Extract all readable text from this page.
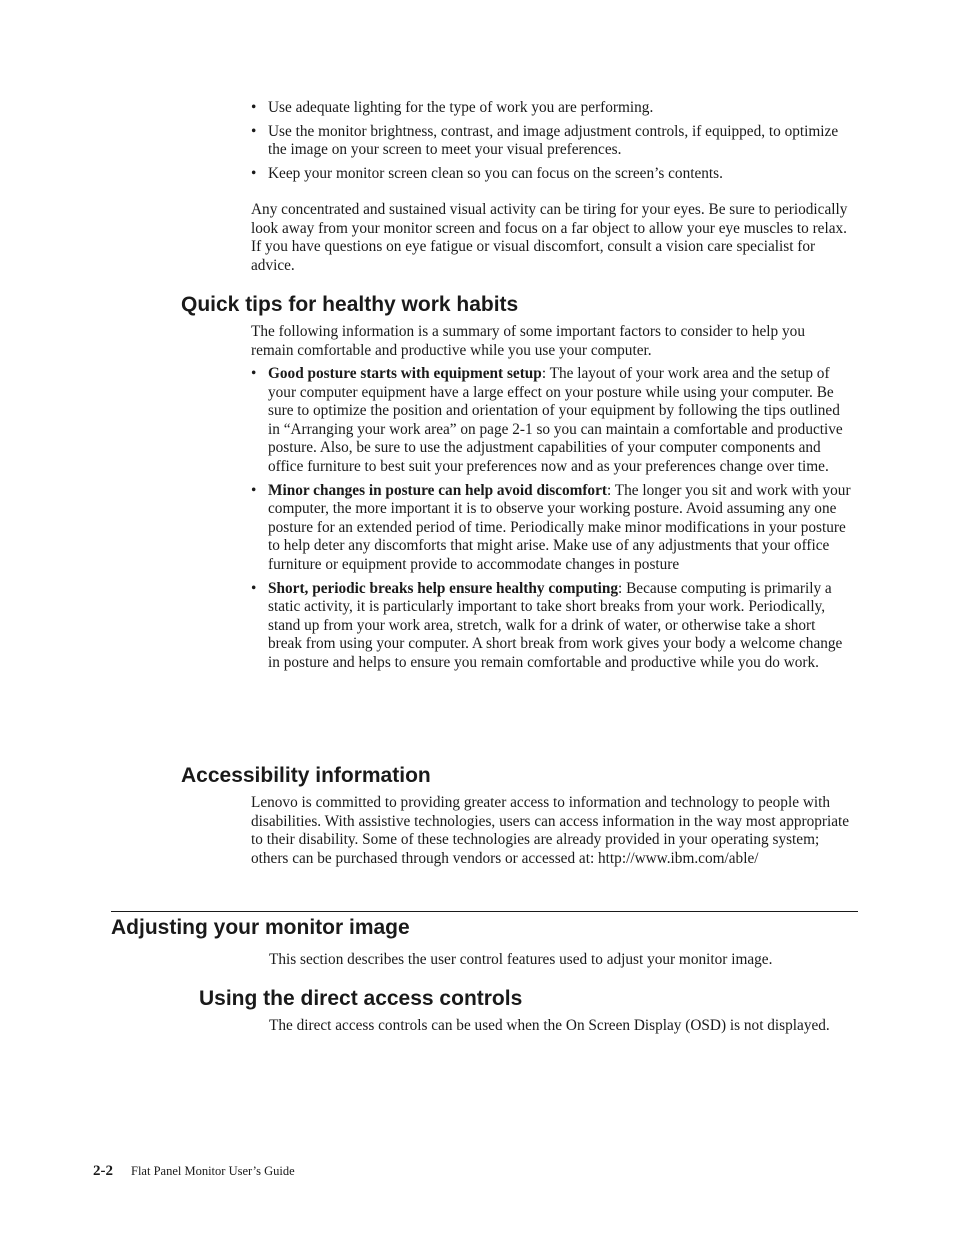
• Use adequate lighting for the type of work you are performing.
• Use the monitor brightness, contrast, and image adjustment controls, if equipped, to optimize the image on your screen to meet your visual preferences.
• Keep your monitor screen clean so you can focus on the screen’s contents.

Any concentrated and sustained visual activity can be tiring for your eyes. Be sure to periodically look away from your monitor screen and focus on a far object to allow your eye muscles to relax. If you have questions on eye fatigue or visual discomfort, consult a vision care specialist for advice.

Quick tips for healthy work habits

The following information is a summary of some important factors to consider to help you remain comfortable and productive while you use your computer.

• Good posture starts with equipment setup: The layout of your work area and the setup of your computer equipment have a large effect on your posture while using your computer. Be sure to optimize the position and orientation of your equipment by following the tips outlined in “Arranging your work area” on page 2-1 so you can maintain a comfortable and productive posture. Also, be sure to use the adjustment capabilities of your computer components and office furniture to best suit your preferences now and as your preferences change over time.
• Minor changes in posture can help avoid discomfort: The longer you sit and work with your computer, the more important it is to observe your working posture. Avoid assuming any one posture for an extended period of time. Periodically make minor modifications in your posture to help deter any discomforts that might arise. Make use of any adjustments that your office furniture or equipment provide to accommodate changes in posture
• Short, periodic breaks help ensure healthy computing: Because computing is primarily a static activity, it is particularly important to take short breaks from your work. Periodically, stand up from your work area, stretch, walk for a drink of water, or otherwise take a short break from using your computer. A short break from work gives your body a welcome change in posture and helps to ensure you remain comfortable and productive while you do work.
Accessibility information

Lenovo is committed to providing greater access to information and technology to people with disabilities. With assistive technologies, users can access information in the way most appropriate to their disability. Some of these technologies are already provided in your operating system; others can be purchased through vendors or accessed at: http://www.ibm.com/able/

Adjusting your monitor image

This section describes the user control features used to adjust your monitor image.

Using the direct access controls

The direct access controls can be used when the On Screen Display (OSD) is not displayed.

2-2 Flat Panel Monitor User’s Guide
